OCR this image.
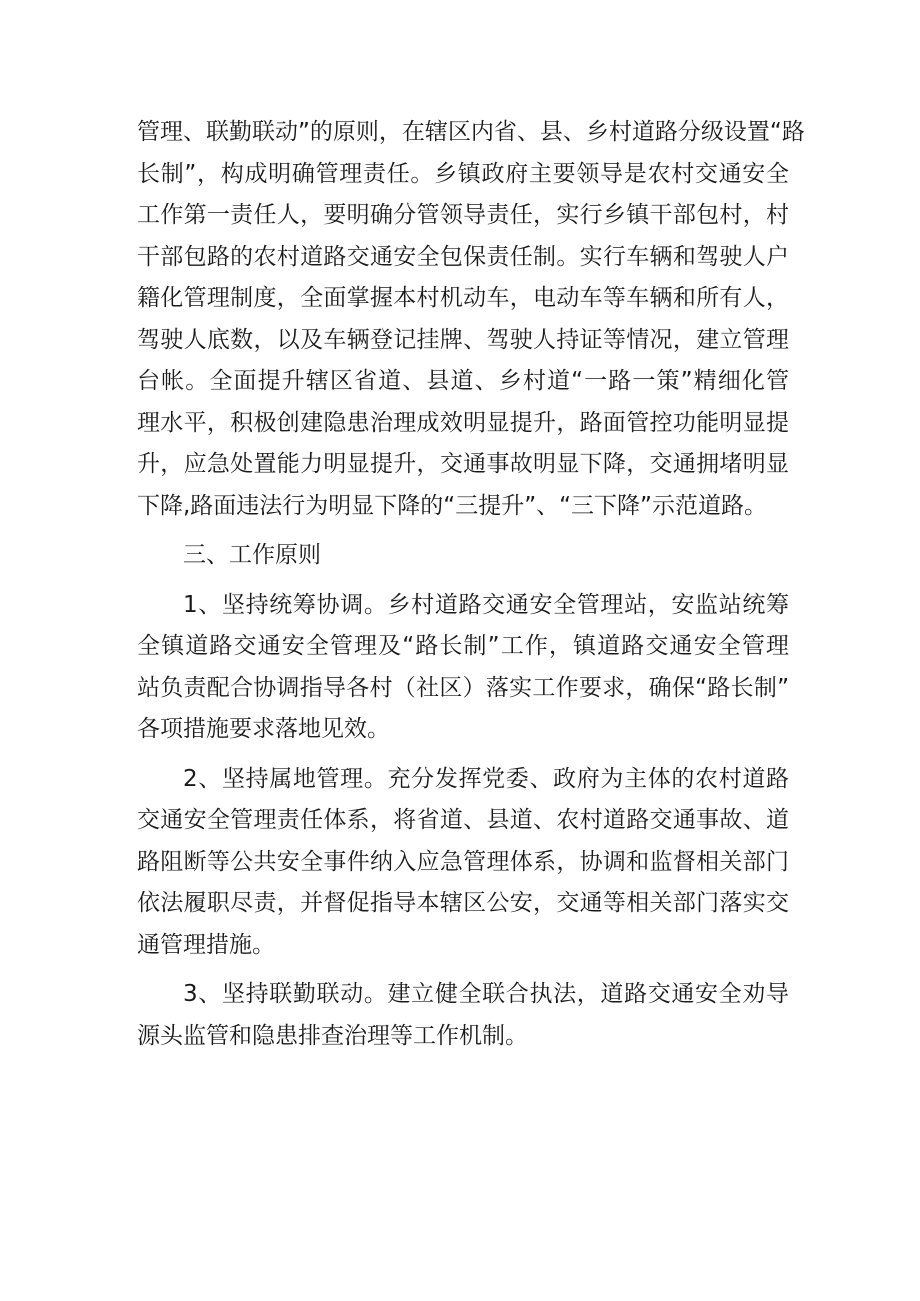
管理、联勤联动”的原则，在辖区内省、县、乡村道路分级设置“路
长制”，构成明确管理责任。乡镇政府主要领导是农村交通安全
工作第一责任人，要明确分管领导责任，实行乡镇干部包村，村
干部包路的农村道路交通安全包保责任制。实行车辆和驾驶人户
籍化管理制度，全面掌握本村机动车，电动车等车辆和所有人，
驾驶人底数，以及车辆登记挂牌、驾驶人持证等情况，建立管理
台帐。全面提升辖区省道、县道、乡村道“一路一策”精细化管
理水平，积极创建隐患治理成效明显提升，路面管控功能明显提
升，应急处置能力明显提升，交通事故明显下降，交通拥堵明显
下降,路面违法行为明显下降的“三提升”、“三下降”示范道路。

三、工作原则

1、坚持统筹协调。乡村道路交通安全管理站，安监站统筹
全镇道路交通安全管理及“路长制”工作，镇道路交通安全管理
站负责配合协调指导各村（社区）落实工作要求，确保“路长制”
各项措施要求落地见效。

2、坚持属地管理。充分发挥党委、政府为主体的农村道路
交通安全管理责任体系，将省道、县道、农村道路交通事故、道
路阻断等公共安全事件纳入应急管理体系，协调和监督相关部门
依法履职尽责，并督促指导本辖区公安，交通等相关部门落实交
通管理措施。

3、坚持联勤联动。建立健全联合执法，道路交通安全劝导
源头监管和隐患排查治理等工作机制。
